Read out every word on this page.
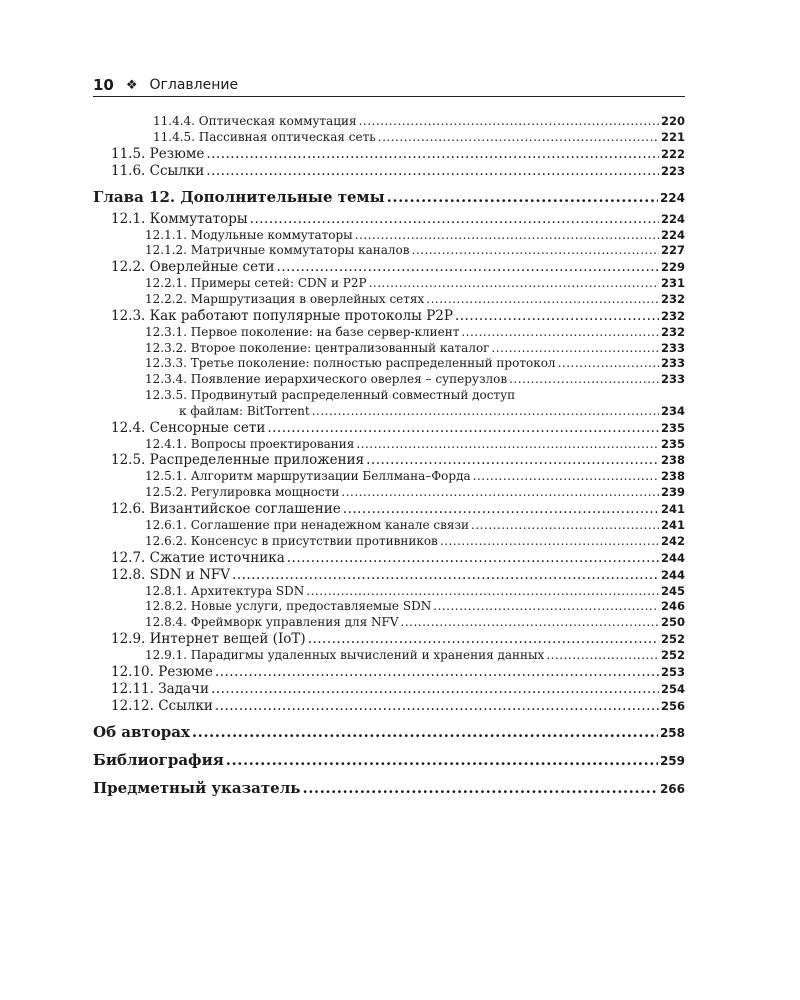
10 ❖ Оглавление
11.4.4. Оптическая коммутация .....	220
11.4.5. Пассивная оптическая сеть .....	221
11.5. Резюме .....	222
11.6. Ссылки .....	223
Глава 12. Дополнительные темы .....	224
12.1. Коммутаторы .....	224
12.1.1. Модульные коммутаторы .....	224
12.1.2. Матричные коммутаторы каналов .....	227
12.2. Оверлейные сети .....	229
12.2.1. Примеры сетей: CDN и P2P .....	231
12.2.2. Маршрутизация в оверлейных сетях .....	232
12.3. Как работают популярные протоколы P2P .....	232
12.3.1. Первое поколение: на базе сервер-клиент .....	232
12.3.2. Второе поколение: централизованный каталог .....	233
12.3.3. Третье поколение: полностью распределенный протокол .....	233
12.3.4. Появление иерархического оверлея – суперузлов .....	233
12.3.5. Продвинутый распределенный совместный доступ
к файлам: BitTorrent .....	234
12.4. Сенсорные сети .....	235
12.4.1. Вопросы проектирования .....	235
12.5. Распределенные приложения .....	238
12.5.1. Алгоритм маршрутизации Беллмана–Форда .....	238
12.5.2. Регулировка мощности .....	239
12.6. Византийское соглашение .....	241
12.6.1. Соглашение при ненадежном канале связи .....	241
12.6.2. Консенсус в присутствии противников .....	242
12.7. Сжатие источника .....	244
12.8. SDN и NFV .....	244
12.8.1. Архитектура SDN .....	245
12.8.2. Новые услуги, предоставляемые SDN .....	246
12.8.4. Фреймворк управления для NFV .....	250
12.9. Интернет вещей (IoT) .....	252
12.9.1. Парадигмы удаленных вычислений и хранения данных .....	252
12.10. Резюме .....	253
12.11. Задачи .....	254
12.12. Ссылки .....	256
Об авторах .....	258
Библиография .....	259
Предметный указатель .....	266
